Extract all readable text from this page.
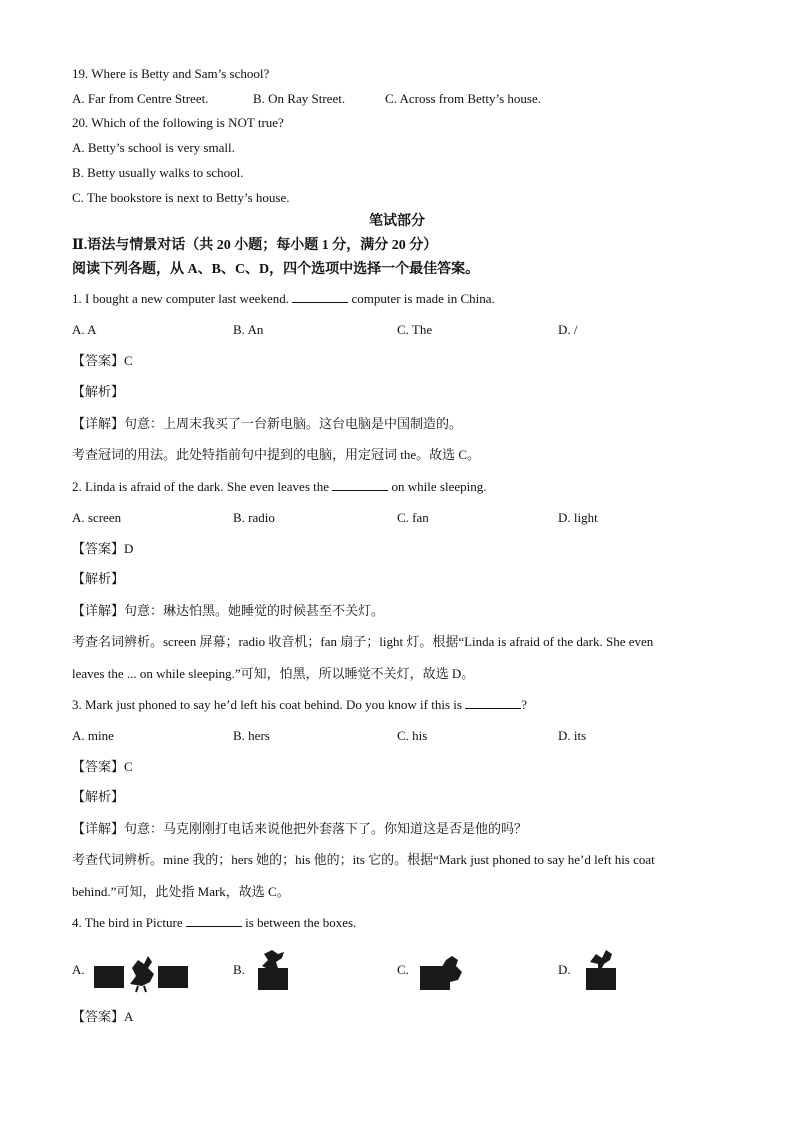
19. Where is Betty and Sam’s school?
A. Far from Centre Street.	B. On Ray Street.	C. Across from Betty’s house.
20. Which of the following is NOT true?
A. Betty’s school is very small.
B. Betty usually walks to school.
C. The bookstore is next to Betty’s house.
笔试部分
Ⅱ.语法与情景对话（共 20 小题；每小题 1 分，满分 20 分）
阅读下列各题，从 A、B、C、D，四个选项中选择一个最佳答案。
1. I bought a new computer last weekend.	computer is made in China.
A. A	B. An	C. The	D. /
【答案】C
【解析】
【详解】句意：上周末我买了一台新电脑。这台电脑是中国制造的。
考查冠词的用法。此处特指前句中提到的电脑，用定冠词 the。故选 C。
2. Linda is afraid of the dark. She even leaves the	on while sleeping.
A. screen	B. radio	C. fan	D. light
【答案】D
【解析】
【详解】句意：琳达怕黑。她睡觉的时候甚至不关灯。
考查名词辨析。screen 屏幕；radio 收音机；fan 扇子；light 灯。根据“Linda is afraid of the dark. She even
leaves the ... on while sleeping.”可知，怕黑，所以睡觉不关灯，故选 D。
3. Mark just phoned to say he’d left his coat behind. Do you know if this is	?
A. mine	B. hers	C. his	D. its
【答案】C
【解析】
【详解】句意：马克刚刚打电话来说他把外套落下了。你知道这是否是他的吗？
考查代词辨析。mine 我的；hers 她的；his 他的；its 它的。根据“Mark just phoned to say he’d left his coat
behind.”可知，此处指 Mark，故选 C。
4. The bird in Picture	is between the boxes.
A.	B.	C.	D.
【答案】A
